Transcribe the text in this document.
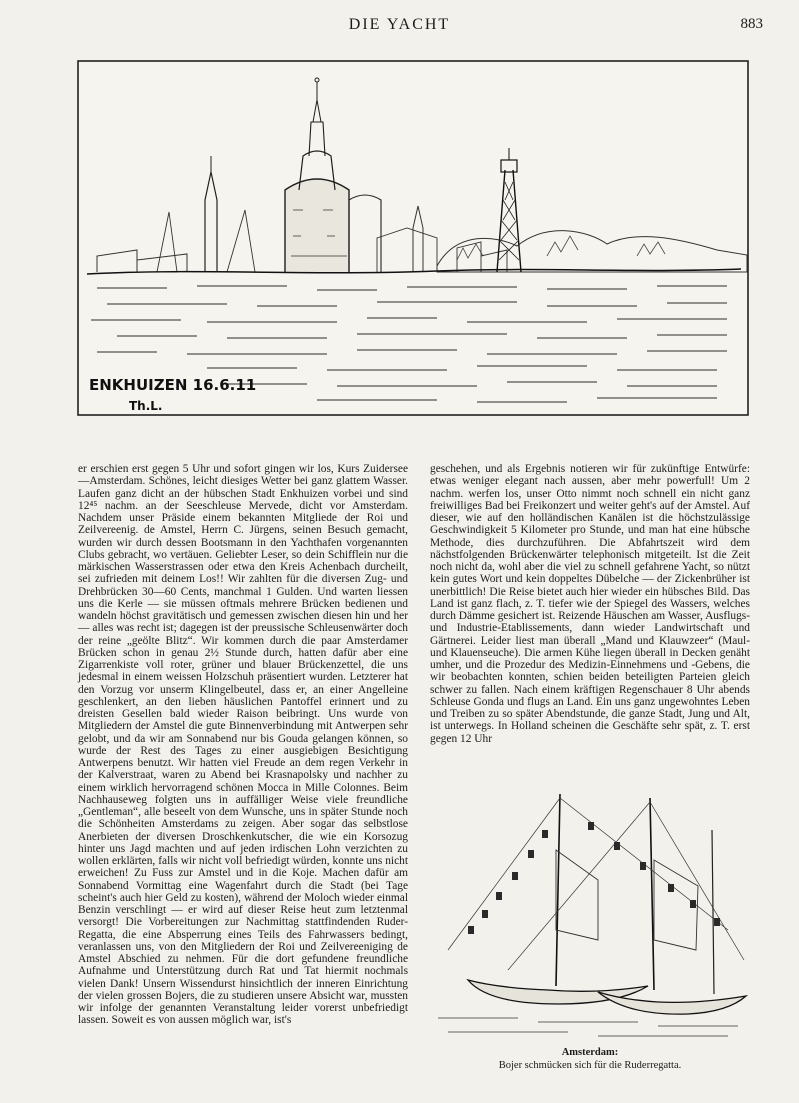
DIE YACHT	883
ENKHUIZEN 16.6.11
Th.L.

er erschien erst gegen 5 Uhr und sofort gingen wir los, Kurs Zuidersee—Amsterdam. Schönes, leicht diesiges Wetter bei ganz glattem Wasser. Laufen ganz dicht an der hübschen Stadt Enkhuizen vorbei und sind 12⁴⁵ nachm. an der Seeschleuse Mervede, dicht vor Amsterdam. Nachdem unser Präside einem bekannten Mitgliede der Roi und Zeilvereenig. de Amstel, Herrn C. Jürgens, seinen Besuch gemacht, wurden wir durch dessen Bootsmann in den Yachthafen vorgenannten Clubs gebracht, wo vertäuen. Geliebter Leser, so dein Schifflein nur die märkischen Wasserstrassen oder etwa den Kreis Achenbach durcheilt, sei zufrieden mit deinem Los!! Wir zahlten für die diversen Zug- und Drehbrücken 30—60 Cents, manchmal 1 Gulden. Und warten liessen uns die Kerle — sie müssen oftmals mehrere Brücken bedienen und wandeln höchst gravitätisch und gemessen zwischen diesen hin und her — alles was recht ist; dagegen ist der preussische Schleusenwärter doch der reine „geölte Blitz“. Wir kommen durch die paar Amsterdamer Brücken schon in genau 2½ Stunde durch, hatten dafür aber eine Zigarrenkiste voll roter, grüner und blauer Brückenzettel, die uns jedesmal in einem weissen Holzschuh präsentiert wurden. Letzterer hat den Vorzug vor unserm Klingelbeutel, dass er, an einer Angelleine geschlenkert, an den lieben häuslichen Pantoffel erinnert und zu dreisten Gesellen bald wieder Raison beibringt. Uns wurde von Mitgliedern der Amstel die gute Binnenverbindung mit Antwerpen sehr gelobt, und da wir am Sonnabend nur bis Gouda gelangen können, so wurde der Rest des Tages zu einer ausgiebigen Besichtigung Antwerpens benutzt. Wir hatten viel Freude an dem regen Verkehr in der Kalverstraat, waren zu Abend bei Krasnapolsky und nachher zu einem wirklich hervorragend schönen Mocca in Mille Colonnes. Beim Nachhauseweg folgten uns in auffälliger Weise viele freundliche „Gentleman“, alle beseelt von dem Wunsche, uns in später Stunde noch die Schönheiten Amsterdams zu zeigen. Aber sogar das selbstlose Anerbieten der diversen Droschkenkutscher, die wie ein Korsozug hinter uns Jagd machten und auf jeden irdischen Lohn verzichten zu wollen erklärten, falls wir nicht voll befriedigt würden, konnte uns nicht erweichen! Zu Fuss zur Amstel und in die Koje. Machen dafür am Sonnabend Vormittag eine Wagenfahrt durch die Stadt (bei Tage scheint's auch hier Geld zu kosten), während der Moloch wieder einmal Benzin verschlingt — er wird auf dieser Reise heut zum letztenmal versorgt! Die Vorbereitungen zur Nachmittag stattfindenden Ruder-Regatta, die eine Absperrung eines Teils des Fahrwassers bedingt, veranlassen uns, von den Mitgliedern der Roi und Zeilvereeniging de Amstel Abschied zu nehmen. Für die dort gefundene freundliche Aufnahme und Unterstützung durch Rat und Tat hiermit nochmals vielen Dank! Unsern Wissendurst hinsichtlich der inneren Einrichtung der vielen grossen Bojers, die zu studieren unsere Absicht war, mussten wir infolge der genannten Veranstaltung leider vorerst unbefriedigt lassen. Soweit es von aussen möglich war, ist's

geschehen, und als Ergebnis notieren wir für zukünftige Entwürfe: etwas weniger elegant nach aussen, aber mehr powerfull! Um 2 nachm. werfen los, unser Otto nimmt noch schnell ein nicht ganz freiwilliges Bad bei Freikonzert und weiter geht's auf der Amstel. Auf dieser, wie auf den holländischen Kanälen ist die höchstzulässige Geschwindigkeit 5 Kilometer pro Stunde, und man hat eine hübsche Methode, dies durchzuführen. Die Abfahrtszeit wird dem nächstfolgenden Brückenwärter telephonisch mitgeteilt. Ist die Zeit noch nicht da, wohl aber die viel zu schnell gefahrene Yacht, so nützt kein gutes Wort und kein doppeltes Dübelche — der Zickenbrüher ist unerbittlich! Die Reise bietet auch hier wieder ein hübsches Bild. Das Land ist ganz flach, z. T. tiefer wie der Spiegel des Wassers, welches durch Dämme gesichert ist. Reizende Häuschen am Wasser, Ausflugs- und Industrie-Etablissements, dann wieder Landwirtschaft und Gärtnerei. Leider liest man überall „Mand und Klauwzeer“ (Maul- und Klauenseuche). Die armen Kühe liegen überall in Decken genäht umher, und die Prozedur des Medizin-Einnehmens und -Gebens, die wir beobachten konnten, schien beiden beteiligten Parteien gleich schwer zu fallen. Nach einem kräftigen Regenschauer 8 Uhr abends Schleuse Gonda und flugs an Land. Ein uns ganz ungewohntes Leben und Treiben zu so später Abendstunde, die ganze Stadt, Jung und Alt, ist unterwegs. In Holland scheinen die Geschäfte sehr spät, z. T. erst gegen 12 Uhr

Amsterdam:
Bojer schmücken sich für die Ruderregatta.
